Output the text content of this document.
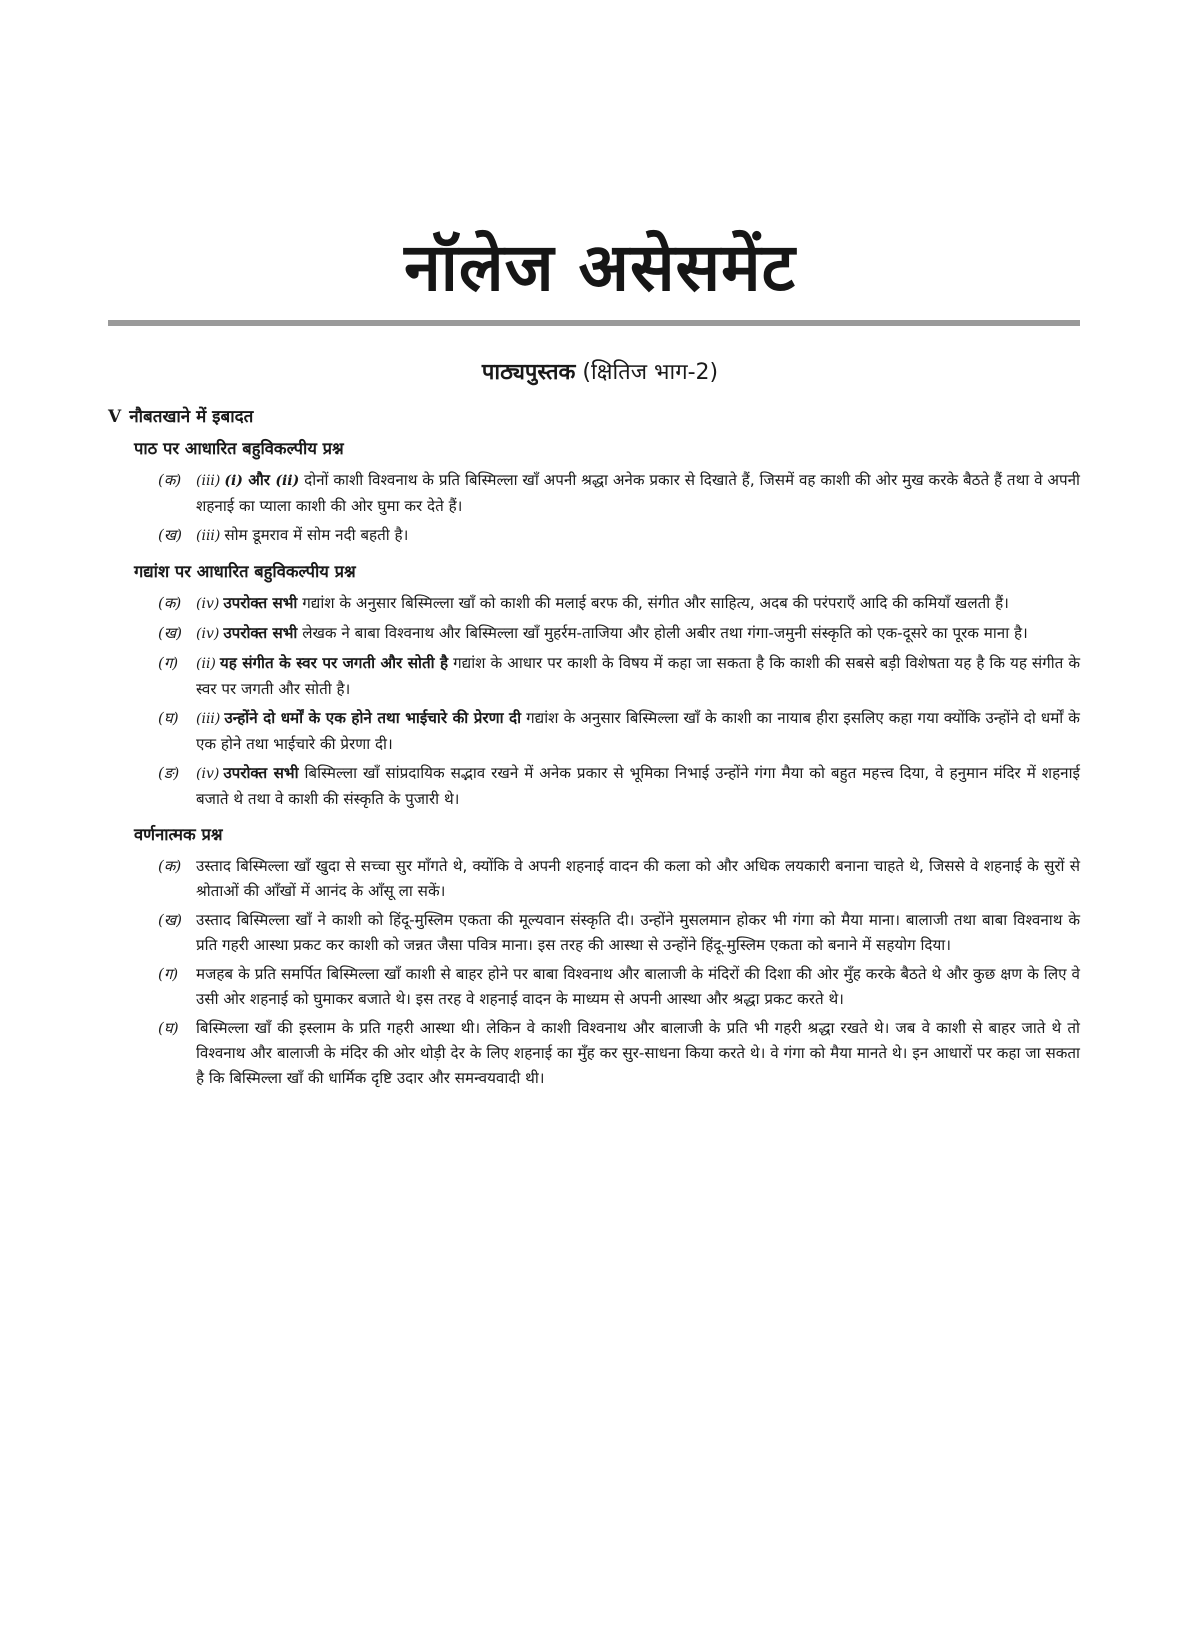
नॉलेज असेसमेंट
पाठ्यपुस्तक (क्षितिज भाग-2)
V नौबतखाने में इबादत
पाठ पर आधारित बहुविकल्पीय प्रश्न
(क) (iii) (i) और (ii) दोनों काशी विश्वनाथ के प्रति बिस्मिल्ला खाँ अपनी श्रद्धा अनेक प्रकार से दिखाते हैं, जिसमें वह काशी की ओर मुख करके बैठते हैं तथा वे अपनी शहनाई का प्याला काशी की ओर घुमा कर देते हैं।
(ख) (iii) सोम डूमराव में सोम नदी बहती है।
गद्यांश पर आधारित बहुविकल्पीय प्रश्न
(क) (iv) उपरोक्त सभी गद्यांश के अनुसार बिस्मिल्ला खाँ को काशी की मलाई बरफ की, संगीत और साहित्य, अदब की परंपराएँ आदि की कमियाँ खलती हैं।
(ख) (iv) उपरोक्त सभी लेखक ने बाबा विश्वनाथ और बिस्मिल्ला खाँ मुहर्रम-ताजिया और होली अबीर तथा गंगा-जमुनी संस्कृति को एक-दूसरे का पूरक माना है।
(ग) (ii) यह संगीत के स्वर पर जगती और सोती है गद्यांश के आधार पर काशी के विषय में कहा जा सकता है कि काशी की सबसे बड़ी विशेषता यह है कि यह संगीत के स्वर पर जगती और सोती है।
(घ) (iii) उन्होंने दो धर्मों के एक होने तथा भाईचारे की प्रेरणा दी गद्यांश के अनुसार बिस्मिल्ला खाँ के काशी का नायाब हीरा इसलिए कहा गया क्योंकि उन्होंने दो धर्मों के एक होने तथा भाईचारे की प्रेरणा दी।
(ङ) (iv) उपरोक्त सभी बिस्मिल्ला खाँ सांप्रदायिक सद्भाव रखने में अनेक प्रकार से भूमिका निभाई उन्होंने गंगा मैया को बहुत महत्त्व दिया, वे हनुमान मंदिर में शहनाई बजाते थे तथा वे काशी की संस्कृति के पुजारी थे।
वर्णनात्मक प्रश्न
(क) उस्ताद बिस्मिल्ला खाँ खुदा से सच्चा सुर माँगते थे, क्योंकि वे अपनी शहनाई वादन की कला को और अधिक लयकारी बनाना चाहते थे, जिससे वे शहनाई के सुरों से श्रोताओं की आँखों में आनंद के आँसू ला सकें।
(ख) उस्ताद बिस्मिल्ला खाँ ने काशी को हिंदू-मुस्लिम एकता की मूल्यवान संस्कृति दी। उन्होंने मुसलमान होकर भी गंगा को मैया माना। बालाजी तथा बाबा विश्वनाथ के प्रति गहरी आस्था प्रकट कर काशी को जन्नत जैसा पवित्र माना। इस तरह की आस्था से उन्होंने हिंदू-मुस्लिम एकता को बनाने में सहयोग दिया।
(ग) मजहब के प्रति समर्पित बिस्मिल्ला खाँ काशी से बाहर होने पर बाबा विश्वनाथ और बालाजी के मंदिरों की दिशा की ओर मुँह करके बैठते थे और कुछ क्षण के लिए वे उसी ओर शहनाई को घुमाकर बजाते थे। इस तरह वे शहनाई वादन के माध्यम से अपनी आस्था और श्रद्धा प्रकट करते थे।
(घ) बिस्मिल्ला खाँ की इस्लाम के प्रति गहरी आस्था थी। लेकिन वे काशी विश्वनाथ और बालाजी के प्रति भी गहरी श्रद्धा रखते थे। जब वे काशी से बाहर जाते थे तो विश्वनाथ और बालाजी के मंदिर की ओर थोड़ी देर के लिए शहनाई का मुँह कर सुर-साधना किया करते थे। वे गंगा को मैया मानते थे। इन आधारों पर कहा जा सकता है कि बिस्मिल्ला खाँ की धार्मिक दृष्टि उदार और समन्वयवादी थी।
